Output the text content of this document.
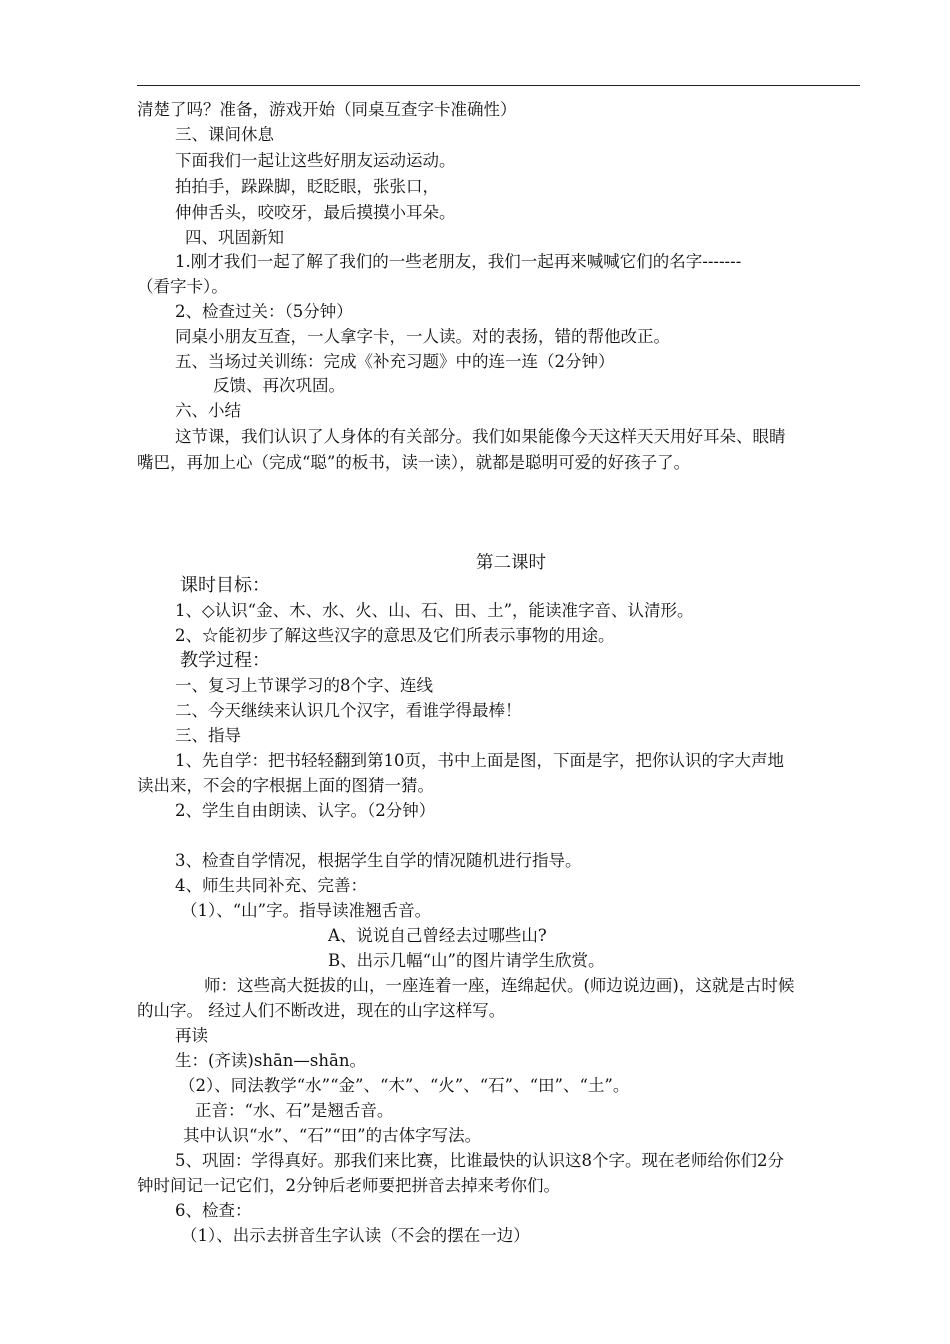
清楚了吗？准备，游戏开始（同桌互查字卡准确性）
三、课间休息
下面我们一起让这些好朋友运动运动。
拍拍手，跺跺脚，眨眨眼，张张口，
伸伸舌头，咬咬牙，最后摸摸小耳朵。
四、巩固新知
1.刚才我们一起了解了我们的一些老朋友，我们一起再来喊喊它们的名字-------
（看字卡）。
2、检查过关：（5分钟）
同桌小朋友互查，一人拿字卡，一人读。对的表扬，错的帮他改正。
五、当场过关训练：完成《补充习题》中的连一连（2分钟）
反馈、再次巩固。
六、小结
这节课，我们认识了人身体的有关部分。我们如果能像今天这样天天用好耳朵、眼睛
嘴巴，再加上心（完成“聪”的板书，读一读），就都是聪明可爱的好孩子了。
第二课时
课时目标：
1、◇认识“金、木、水、火、山、石、田、土”，能读准字音、认清形。
2、☆能初步了解这些汉字的意思及它们所表示事物的用途。
教学过程：
一、复习上节课学习的8个字、连线
二、今天继续来认识几个汉字，看谁学得最棒！
三、指导
1、先自学：把书轻轻翻到第10页，书中上面是图，下面是字，把你认识的字大声地
读出来，不会的字根据上面的图猜一猜。
2、学生自由朗读、认字。（2分钟）
3、检查自学情况，根据学生自学的情况随机进行指导。
4、师生共同补充、完善：
（1）、“山”字。指导读准翘舌音。
A、说说自己曾经去过哪些山?
B、出示几幅“山”的图片请学生欣赏。
师：这些高大挺拔的山，一座连着一座，连绵起伏。(师边说边画)，这就是古时候
的山字。 经过人们不断改进，现在的山字这样写。
再读
生：(齐读)shān—shān。
（2）、同法教学“水”“金”、“木”、“火”、“石”、“田”、“土”。
正音：“水、石”是翘舌音。
其中认识“水”、“石”“田”的古体字写法。
5、巩固：学得真好。那我们来比赛，比谁最快的认识这8个字。现在老师给你们2分
钟时间记一记它们，2分钟后老师要把拼音去掉来考你们。
6、检查：
（1）、出示去拼音生字认读（不会的摆在一边）
